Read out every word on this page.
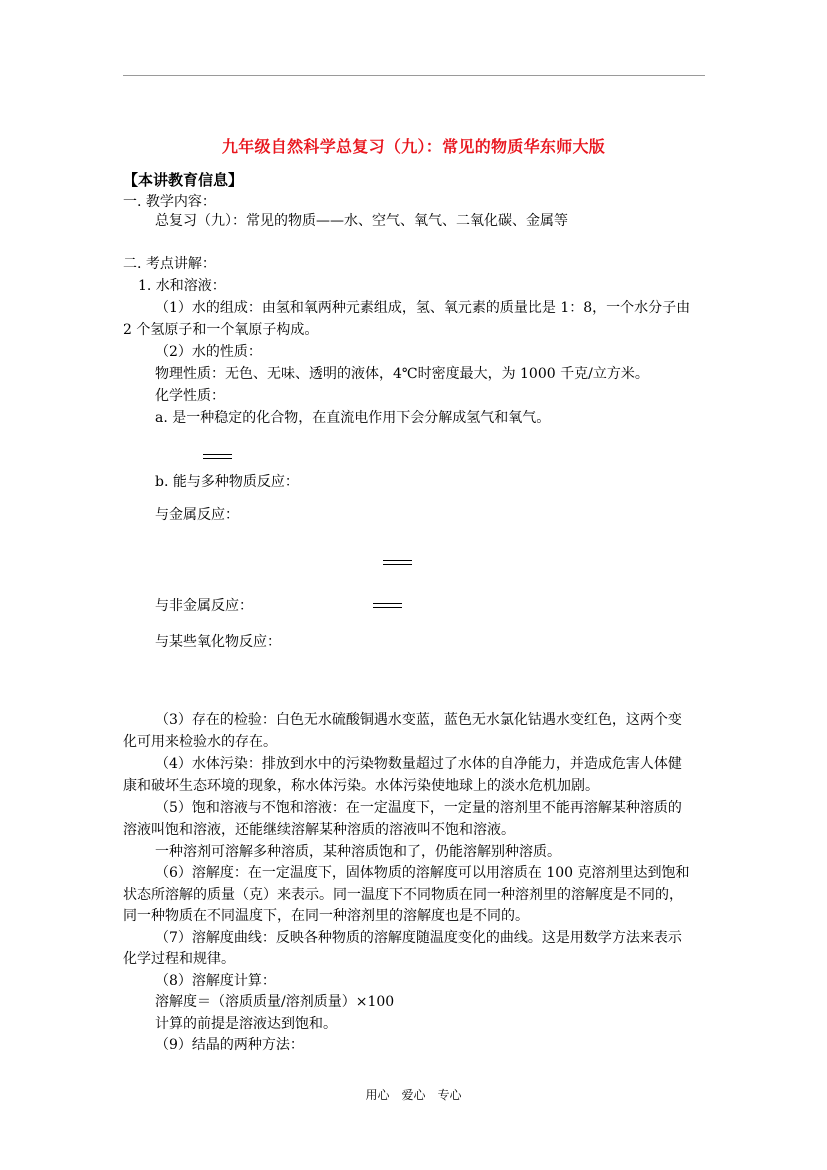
九年级自然科学总复习（九）：常见的物质华东师大版
【本讲教育信息】
一. 教学内容：
总复习（九）：常见的物质——水、空气、氧气、二氧化碳、金属等
二. 考点讲解：
1. 水和溶液：
（1）水的组成：由氢和氧两种元素组成，氢、氧元素的质量比是 1：8，一个水分子由
2 个氢原子和一个氧原子构成。
（2）水的性质：
物理性质：无色、无味、透明的液体，4℃时密度最大，为 1000 千克/立方米。
化学性质：
a. 是一种稳定的化合物，在直流电作用下会分解成氢气和氧气。
b. 能与多种物质反应：
与金属反应：
与非金属反应：
与某些氧化物反应：
（3）存在的检验：白色无水硫酸铜遇水变蓝，蓝色无水氯化钴遇水变红色，这两个变
化可用来检验水的存在。
（4）水体污染：排放到水中的污染物数量超过了水体的自净能力，并造成危害人体健
康和破坏生态环境的现象，称水体污染。水体污染使地球上的淡水危机加剧。
（5）饱和溶液与不饱和溶液：在一定温度下，一定量的溶剂里不能再溶解某种溶质的
溶液叫饱和溶液，还能继续溶解某种溶质的溶液叫不饱和溶液。
一种溶剂可溶解多种溶质，某种溶质饱和了，仍能溶解别种溶质。
（6）溶解度：在一定温度下，固体物质的溶解度可以用溶质在 100 克溶剂里达到饱和
状态所溶解的质量（克）来表示。同一温度下不同物质在同一种溶剂里的溶解度是不同的，
同一种物质在不同温度下，在同一种溶剂里的溶解度也是不同的。
（7）溶解度曲线：反映各种物质的溶解度随温度变化的曲线。这是用数学方法来表示
化学过程和规律。
（8）溶解度计算：
溶解度＝（溶质质量/溶剂质量）×100
计算的前提是溶液达到饱和。
（9）结晶的两种方法：
用心　爱心　专心
